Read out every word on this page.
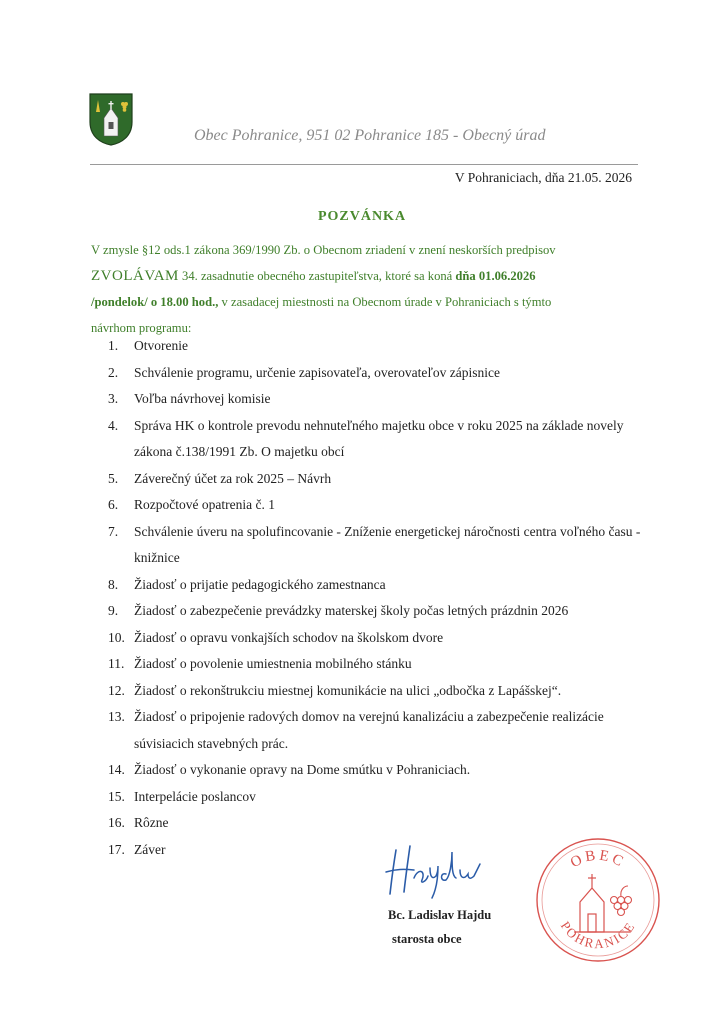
Obec Pohranice, 951 02 Pohranice 185 - Obecný úrad
V Pohraniciach, dňa 21.05. 2026
POZVÁNKA
V zmysle §12 ods.1 zákona 369/1990 Zb. o Obecnom zriadení v znení neskorších predpisov
ZVOLÁVAM 34. zasadnutie obecného zastupiteľstva, ktoré sa koná dňa 01.06.2026
/pondelok/ o 18.00 hod., v zasadacej miestnosti na Obecnom úrade v Pohraniciach s týmto
návrhom programu:
1.	Otvorenie
2.	Schválenie programu, určenie zapisovateľa, overovateľov zápisnice
3.	Voľba návrhovej komisie
4.	Správa HK o kontrole prevodu nehnuteľného majetku obce v roku 2025 na základe novely zákona č.138/1991 Zb. O majetku obcí
5.	Záverečný účet za rok 2025 – Návrh
6.	Rozpočtové opatrenia č. 1
7.	Schválenie úveru na spolufincovanie - Zníženie energetickej náročnosti centra voľného času - knižnice
8.	Žiadosť o prijatie pedagogického zamestnanca
9.	Žiadosť o zabezpečenie prevádzky materskej školy počas letných prázdnin 2026
10. Žiadosť o opravu vonkajších schodov na školskom dvore
11. Žiadosť o povolenie umiestnenia mobilného stánku
12. Žiadosť o rekonštrukciu miestnej komunikácie na ulici „odbočka z Lapášskej“.
13. Žiadosť o pripojenie radových domov na verejnú kanalizáciu a zabezpečenie realizácie súvisiacich stavebných prác.
14. Žiadosť o vykonanie opravy na Dome smútku v Pohraniciach.
15. Interpelácie poslancov
16. Rôzne
17. Záver
Bc. Ladislav Hajdu
starosta obce
OBEC
POHRANICE
